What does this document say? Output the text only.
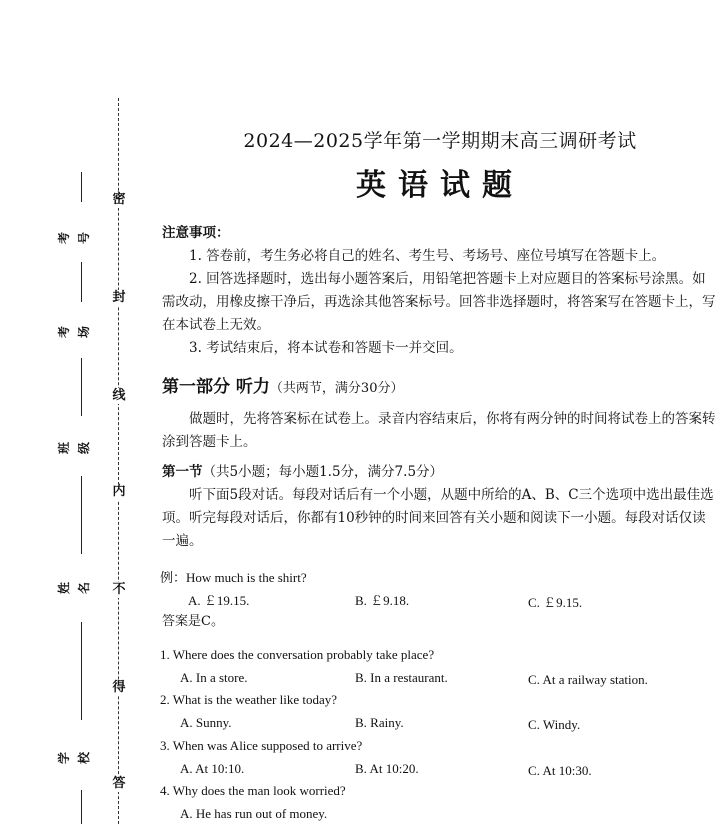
密
封
线
内
不
得
答
考号
考场
班级
姓名
学校
2024—2025学年第一学期期末高三调研考试
英语试题
注意事项：
1. 答卷前，考生务必将自己的姓名、考生号、考场号、座位号填写在答题卡上。
2. 回答选择题时，选出每小题答案后，用铅笔把答题卡上对应题目的答案标号涂黑。如需改动，用橡皮擦干净后，再选涂其他答案标号。回答非选择题时，将答案写在答题卡上，写在本试卷上无效。
3. 考试结束后，将本试卷和答题卡一并交回。
第一部分 听力（共两节，满分30分）
做题时，先将答案标在试卷上。录音内容结束后，你将有两分钟的时间将试卷上的答案转涂到答题卡上。
第一节（共5小题；每小题1.5分，满分7.5分）
听下面5段对话。每段对话后有一个小题，从题中所给的A、B、C三个选项中选出最佳选项。听完每段对话后，你都有10秒钟的时间来回答有关小题和阅读下一小题。每段对话仅读一遍。
例：How much is the shirt?
A. ￡19.15.	B. ￡9.18.	C. ￡9.15.
答案是C。
1. Where does the conversation probably take place?
A. In a store.	B. In a restaurant.	C. At a railway station.
2. What is the weather like today?
A. Sunny.	B. Rainy.	C. Windy.
3. When was Alice supposed to arrive?
A. At 10:10.	B. At 10:20.	C. At 10:30.
4. Why does the man look worried?
A. He has run out of money.
